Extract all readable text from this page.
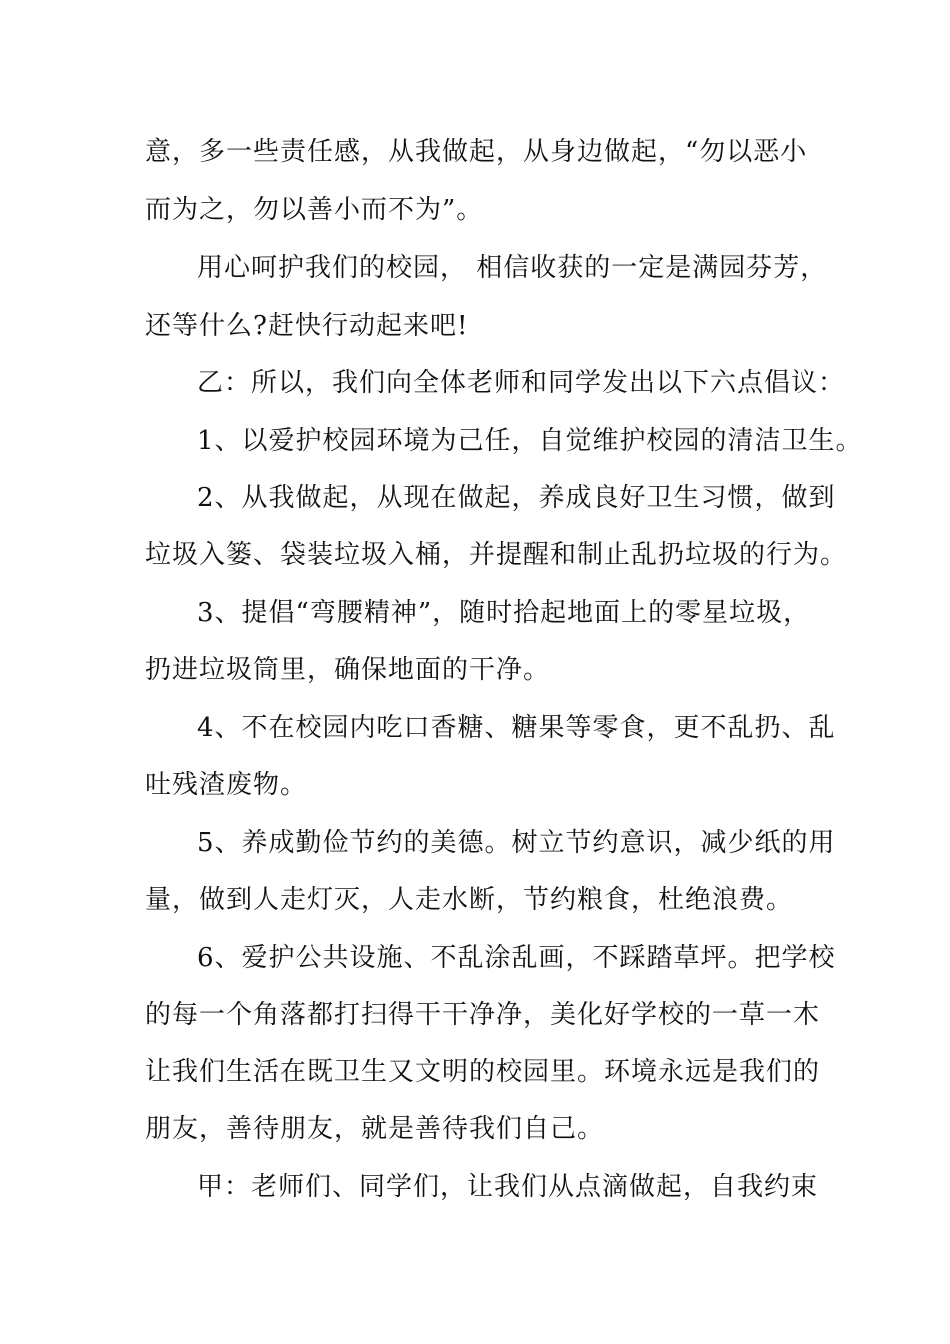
意，多一些责任感，从我做起，从身边做起，“勿以恶小
而为之，勿以善小而不为”。
用心呵护我们的校园， 相信收获的一定是满园芬芳，
还等什么?赶快行动起来吧!
乙：所以，我们向全体老师和同学发出以下六点倡议：
1、以爱护校园环境为己任，自觉维护校园的清洁卫生。
2、从我做起，从现在做起，养成良好卫生习惯，做到
垃圾入篓、袋装垃圾入桶，并提醒和制止乱扔垃圾的行为。
3、提倡“弯腰精神”，随时拾起地面上的零星垃圾，
扔进垃圾筒里，确保地面的干净。
4、不在校园内吃口香糖、糖果等零食，更不乱扔、乱
吐残渣废物。
5、养成勤俭节约的美德。树立节约意识，减少纸的用
量，做到人走灯灭，人走水断，节约粮食，杜绝浪费。
6、爱护公共设施、不乱涂乱画，不踩踏草坪。把学校
的每一个角落都打扫得干干净净，美化好学校的一草一木
让我们生活在既卫生又文明的校园里。环境永远是我们的
朋友，善待朋友，就是善待我们自己。
甲：老师们、同学们，让我们从点滴做起，自我约束
